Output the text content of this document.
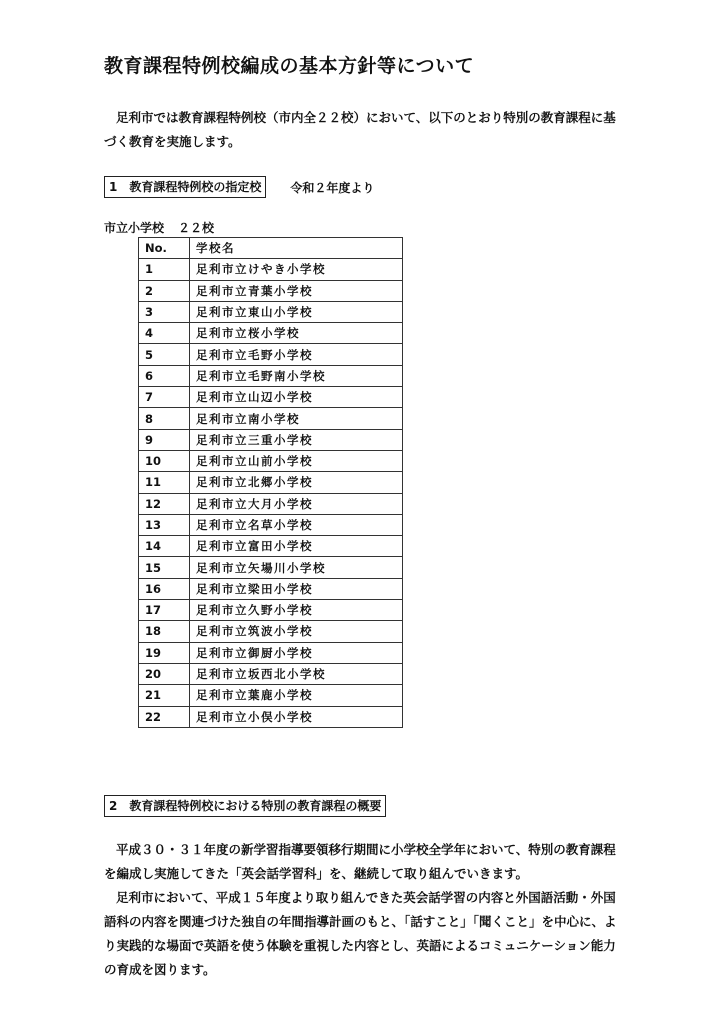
教育課程特例校編成の基本方針等について

足利市では教育課程特例校（市内全２２校）において、以下のとおり特別の教育課程に基づく教育を実施します。

1　教育課程特例校の指定校	令和２年度より
市立小学校 ２２校
No.	学校名
1	足利市立けやき小学校
2	足利市立青葉小学校
3	足利市立東山小学校
4	足利市立桜小学校
5	足利市立毛野小学校
6	足利市立毛野南小学校
7	足利市立山辺小学校
8	足利市立南小学校
9	足利市立三重小学校
10	足利市立山前小学校
11	足利市立北郷小学校
12	足利市立大月小学校
13	足利市立名草小学校
14	足利市立富田小学校
15	足利市立矢場川小学校
16	足利市立梁田小学校
17	足利市立久野小学校
18	足利市立筑波小学校
19	足利市立御厨小学校
20	足利市立坂西北小学校
21	足利市立葉鹿小学校
22	足利市立小俣小学校
2　教育課程特例校における特別の教育課程の概要

平成３０・３１年度の新学習指導要領移行期間に小学校全学年において、特別の教育課程を編成し実施してきた「英会話学習科」を、継続して取り組んでいきます。

足利市において、平成１５年度より取り組んできた英会話学習の内容と外国語活動・外国語科の内容を関連づけた独自の年間指導計画のもと、「話すこと」「聞くこと」を中心に、より実践的な場面で英語を使う体験を重視した内容とし、英語によるコミュニケーション能力の育成を図ります。
